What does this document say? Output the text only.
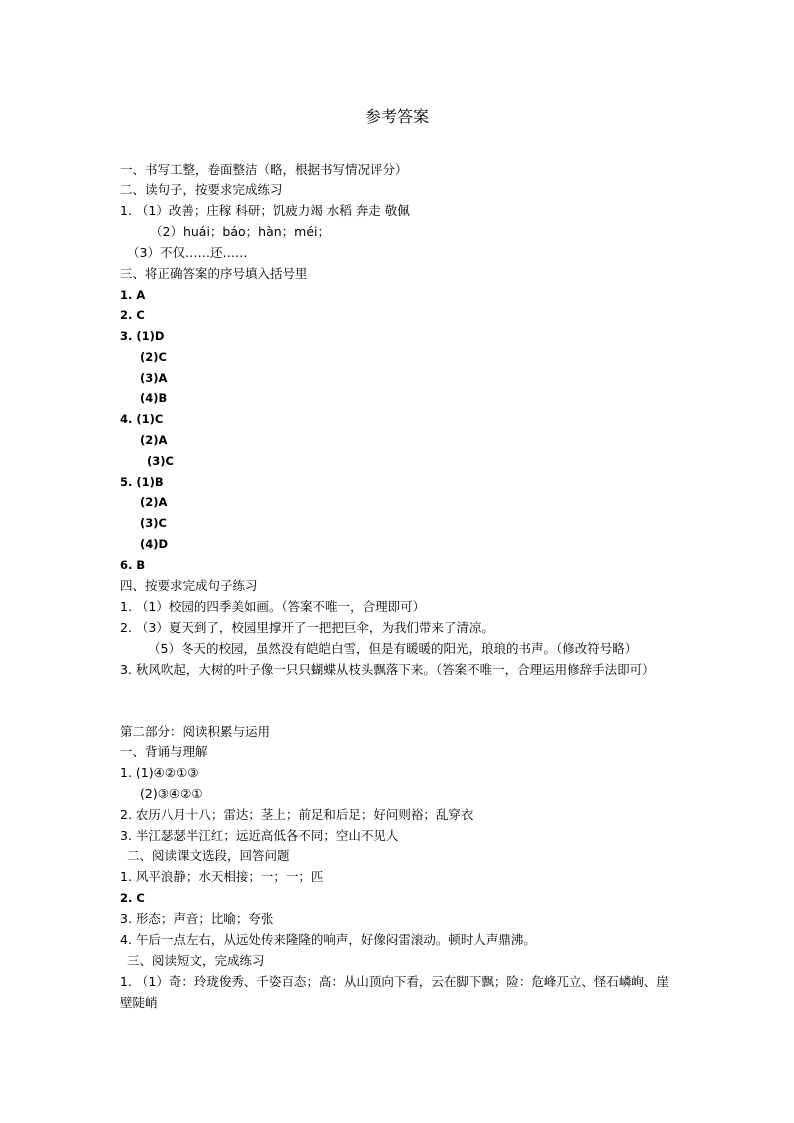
参考答案
一、书写工整，卷面整洁（略，根据书写情况评分）
二、读句子，按要求完成练习
1. （1）改善；庄稼 科研；饥疲力竭 水稻 奔走 敬佩
（2）huái；báo；hàn；méi；
（3）不仅……还……
三、将正确答案的序号填入括号里
1. A
2. C
3. (1)D
(2)C
(3)A
(4)B
4. (1)C
(2)A
(3)C
5. (1)B
(2)A
(3)C
(4)D
6. B
四、按要求完成句子练习
1. （1）校园的四季美如画。（答案不唯一，合理即可）
2. （3）夏天到了，校园里撑开了一把把巨伞，为我们带来了清凉。
（5）冬天的校园，虽然没有皑皑白雪，但是有暖暖的阳光，琅琅的书声。（修改符号略）
3. 秋风吹起，大树的叶子像一只只蝴蝶从枝头飘落下来。（答案不唯一，合理运用修辞手法即可）
第二部分：阅读积累与运用
一、背诵与理解
1. (1)④②①③
(2)③④②①
2. 农历八月十八；雷达；茎上；前足和后足；好问则裕；乱穿衣
3. 半江瑟瑟半江红；远近高低各不同；空山不见人
二、阅读课文选段，回答问题
1. 风平浪静；水天相接；一；一；匹
2. C
3. 形态；声音；比喻；夸张
4. 午后一点左右，从远处传来隆隆的响声，好像闷雷滚动。顿时人声鼎沸。
三、阅读短文，完成练习
1. （1）奇：玲珑俊秀、千姿百态；高：从山顶向下看，云在脚下飘；险：危峰兀立、怪石嶙峋、崖壁陡峭
